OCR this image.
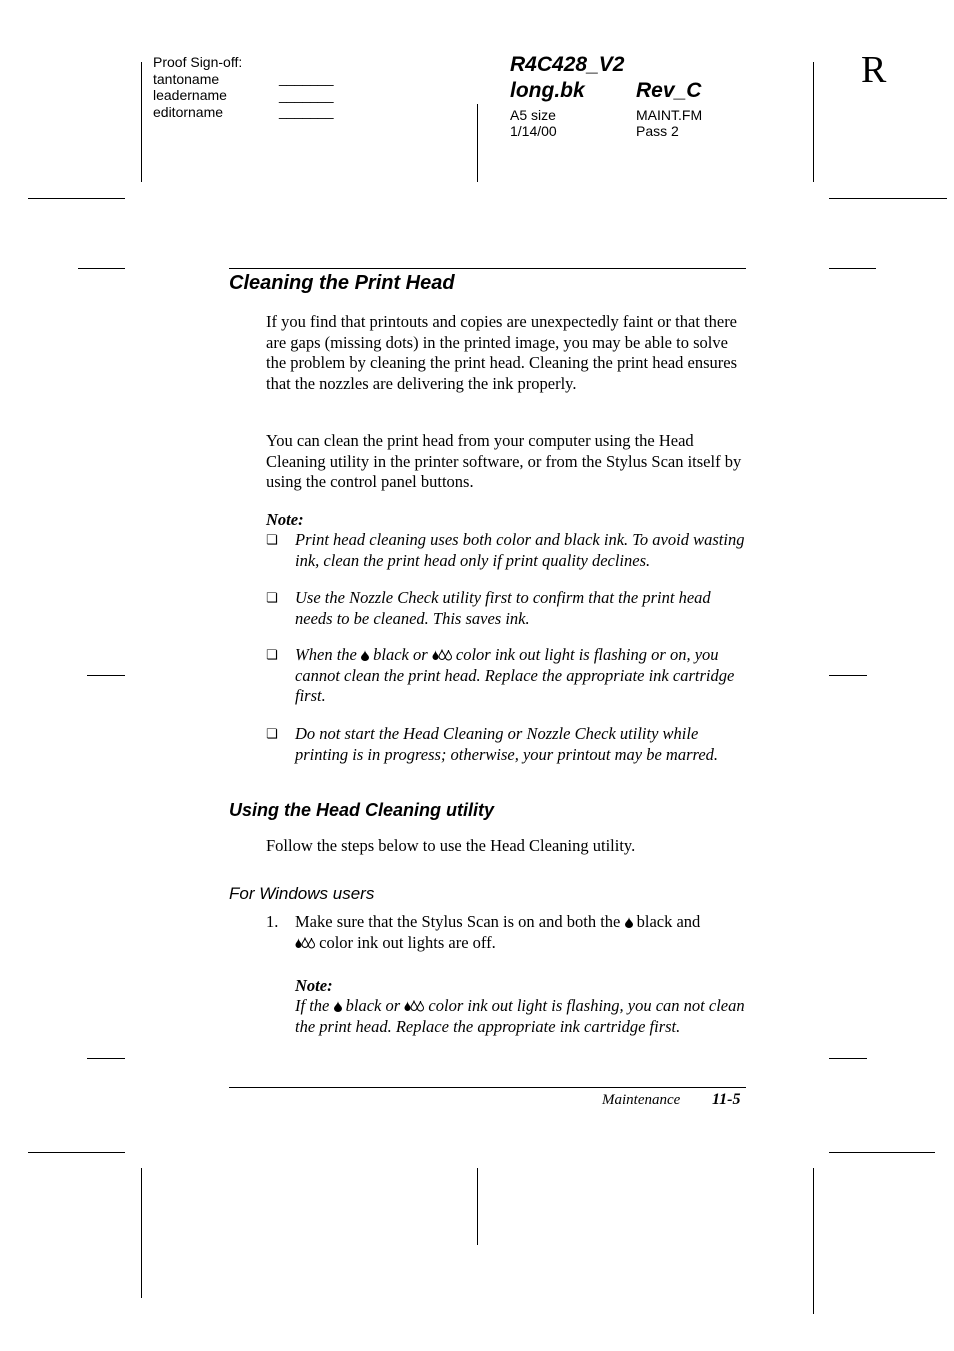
Proof Sign-off:
tantoname
leadername
editorname
_______
_______
_______
R4C428_V2
long.bk Rev_C
A5 size
1/14/00
MAINT.FM
Pass 2
R
Cleaning the Print Head
If you find that printouts and copies are unexpectedly faint or that there are gaps (missing dots) in the printed image, you may be able to solve the problem by cleaning the print head. Cleaning the print head ensures that the nozzles are delivering the ink properly.
You can clean the print head from your computer using the Head Cleaning utility in the printer software, or from the Stylus Scan itself by using the control panel buttons.
Note:
❏ Print head cleaning uses both color and black ink. To avoid wasting ink, clean the print head only if print quality declines.
❏ Use the Nozzle Check utility first to confirm that the print head needs to be cleaned. This saves ink.
❏ When the  black or  color ink out light is flashing or on, you cannot clean the print head. Replace the appropriate ink cartridge first.
❏ Do not start the Head Cleaning or Nozzle Check utility while printing is in progress; otherwise, your printout may be marred.
Using the Head Cleaning utility
Follow the steps below to use the Head Cleaning utility.
For Windows users
1. Make sure that the Stylus Scan is on and both the  black and
color ink out lights are off.
Note:
If the  black or  color ink out light is flashing, you can not clean the print head. Replace the appropriate ink cartridge first.
Maintenance 11-5
